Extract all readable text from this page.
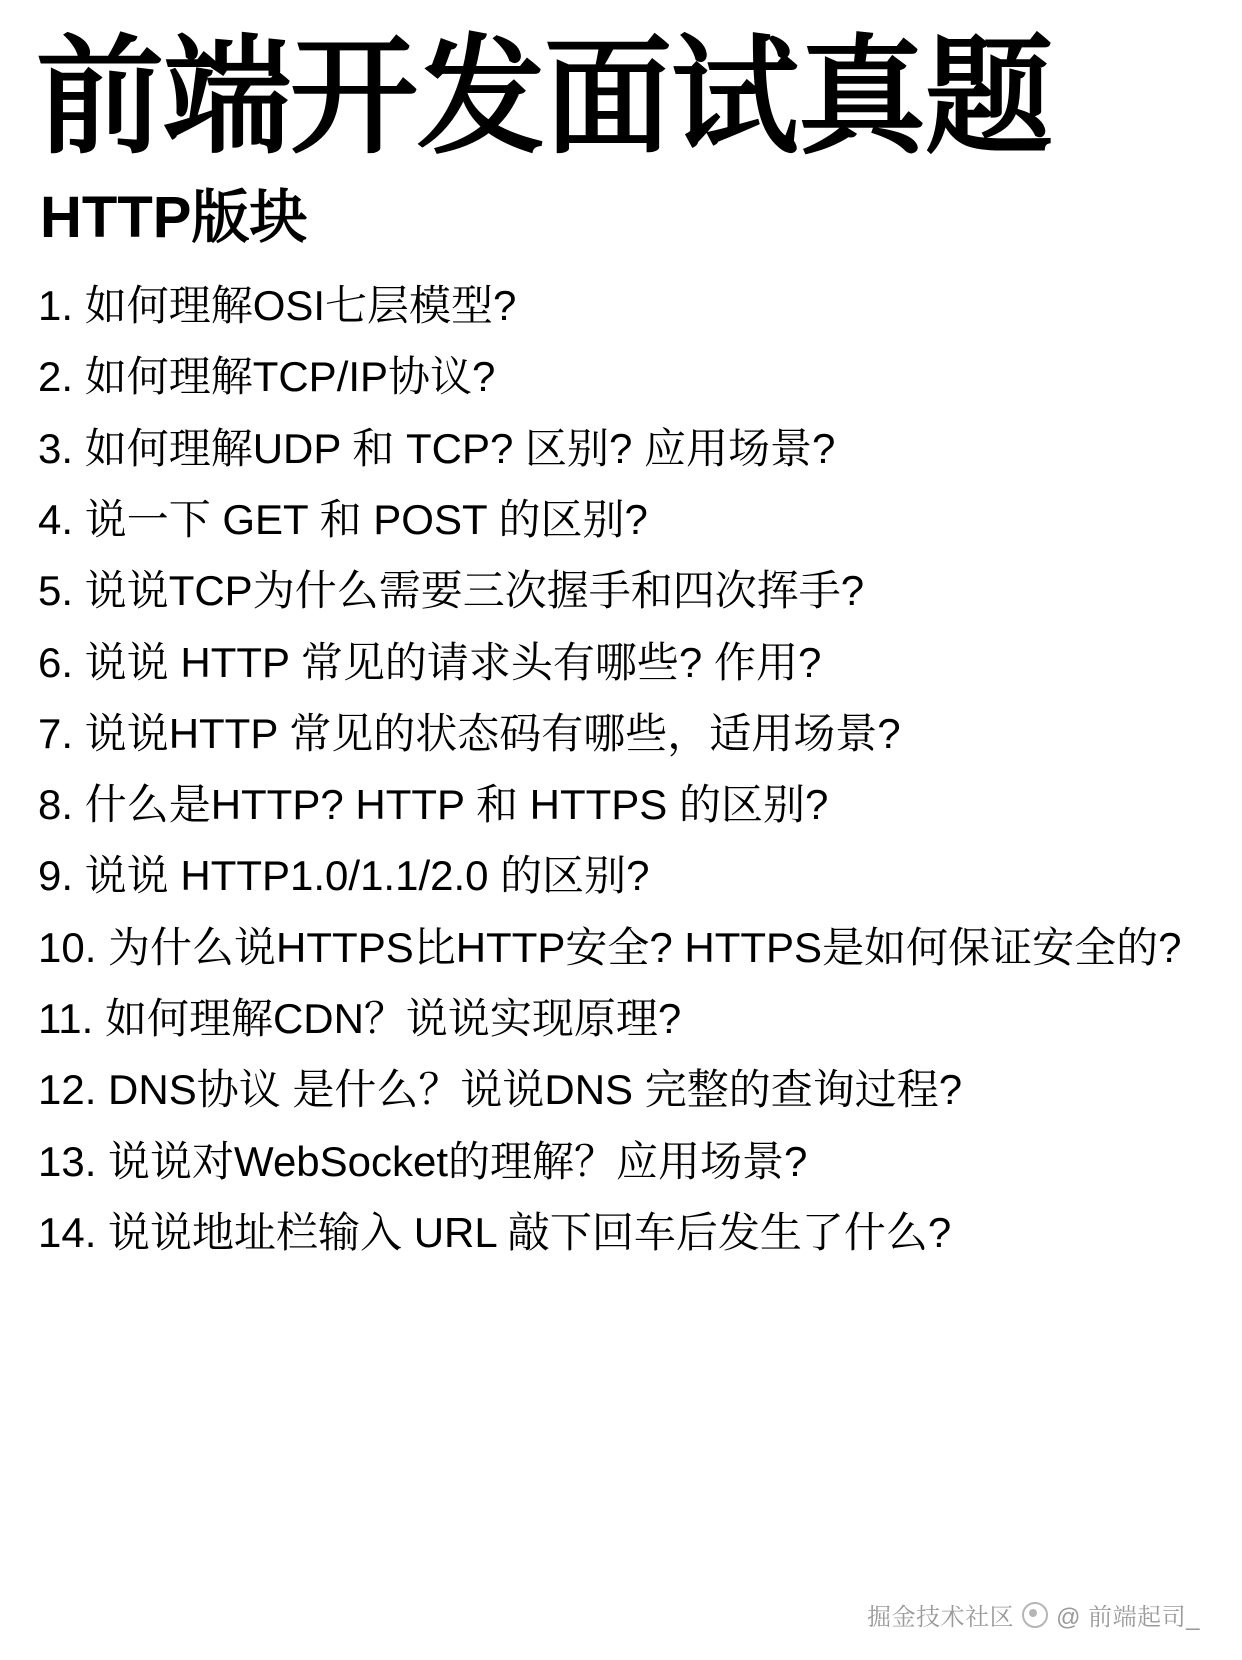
前端开发面试真题
HTTP版块
1. 如何理解OSI七层模型?
2. 如何理解TCP/IP协议?
3. 如何理解UDP 和 TCP? 区别? 应用场景?
4. 说一下 GET 和 POST 的区别?
5. 说说TCP为什么需要三次握手和四次挥手?
6. 说说 HTTP 常见的请求头有哪些? 作用?
7. 说说HTTP 常见的状态码有哪些，适用场景?
8. 什么是HTTP? HTTP 和 HTTPS 的区别?
9. 说说 HTTP1.0/1.1/2.0 的区别?
10. 为什么说HTTPS比HTTP安全? HTTPS是如何保证安全的?
11. 如何理解CDN？说说实现原理?
12. DNS协议 是什么？说说DNS 完整的查询过程?
13. 说说对WebSocket的理解？应用场景?
14. 说说地址栏输入 URL 敲下回车后发生了什么?
掘金技术社区 @ 前端起司_
